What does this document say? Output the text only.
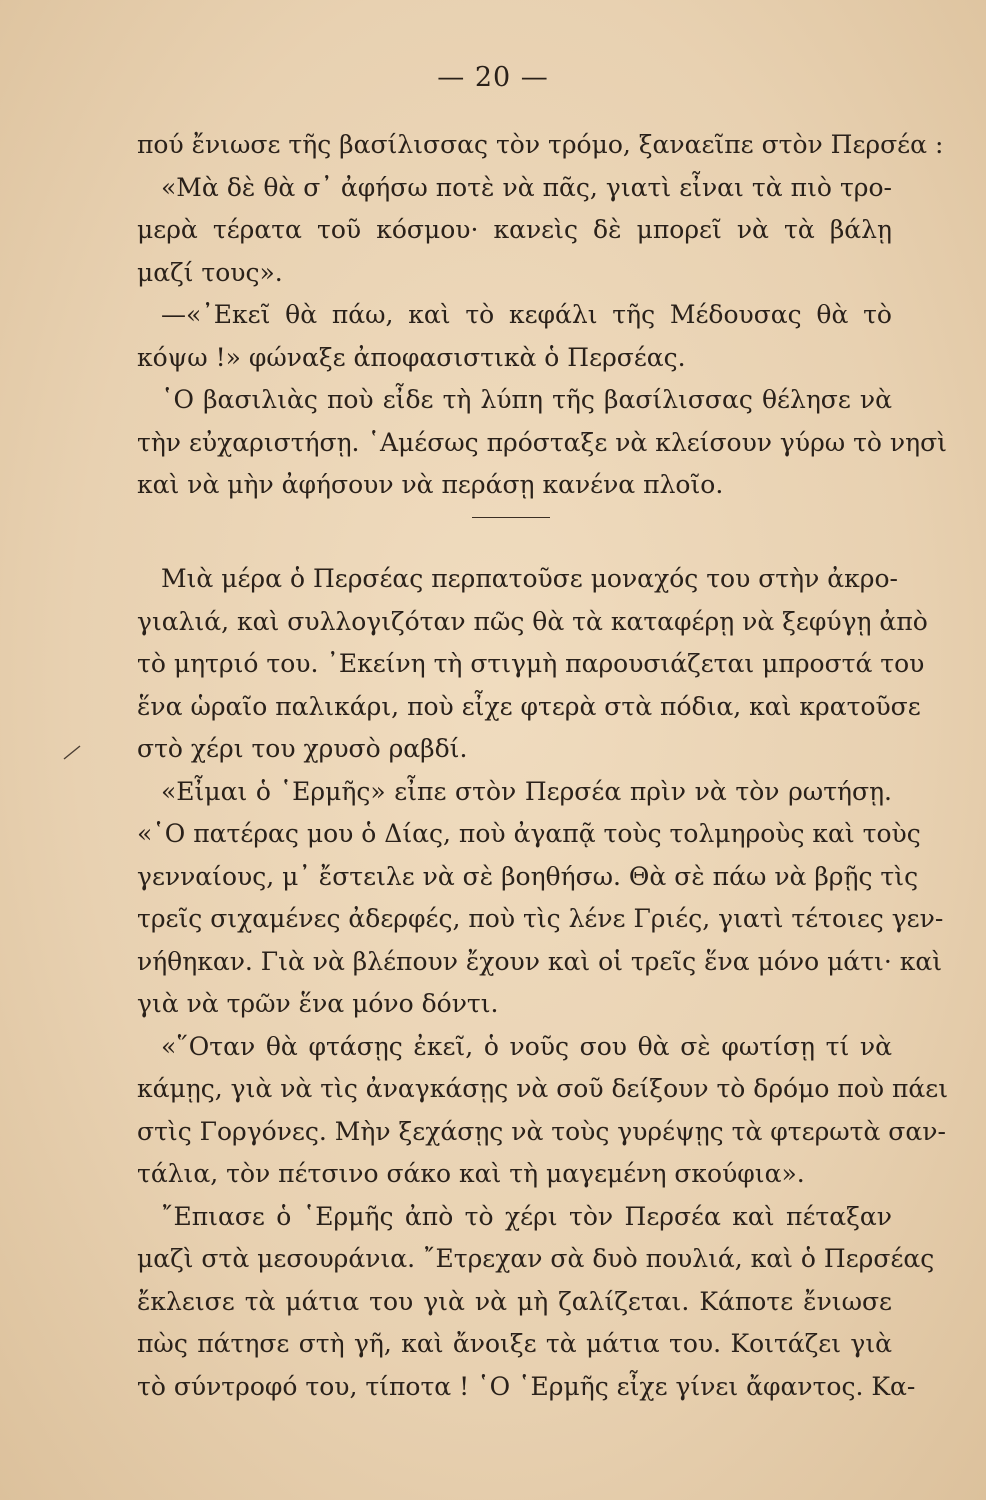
— 20 —
πού ἔνιωσε τῆς βασίλισσας τὸν τρόμο, ξαναεῖπε στὸν Περσέα :
«Μὰ δὲ θὰ σ᾽ ἀφήσω ποτὲ νὰ πᾶς, γιατὶ εἶναι τὰ πιὸ τρο-
μερὰ τέρατα τοῦ κόσμου· κανεὶς δὲ μπορεῖ νὰ τὰ βάλῃ
μαζί τους».
—«᾽Εκεῖ θὰ πάω, καὶ τὸ κεφάλι τῆς Μέδουσας θὰ τὸ
κόψω !» φώναξε ἀποφασιστικὰ ὁ Περσέας.
῾Ο βασιλιὰς ποὺ εἶδε τὴ λύπη τῆς βασίλισσας θέλησε νὰ
τὴν εὐχαριστήσῃ. ῾Αμέσως πρόσταξε νὰ κλείσουν γύρω τὸ νησὶ
καὶ νὰ μὴν ἀφήσουν νὰ περάσῃ κανένα πλοῖο.
Μιὰ μέρα ὁ Περσέας περπατοῦσε μοναχός του στὴν ἀκρο-
γιαλιά, καὶ συλλογιζόταν πῶς θὰ τὰ καταφέρῃ νὰ ξεφύγῃ ἀπὸ
τὸ μητριό του. ᾽Εκείνη τὴ στιγμὴ παρουσιάζεται μπροστά του
ἕνα ὡραῖο παλικάρι, ποὺ εἶχε φτερὰ στὰ πόδια, καὶ κρατοῦσε
στὸ χέρι του χρυσὸ ραβδί.
«Εἶμαι ὁ ῾Ερμῆς» εἶπε στὸν Περσέα πρὶν νὰ τὸν ρωτήσῃ.
«῾Ο πατέρας μου ὁ Δίας, ποὺ ἀγαπᾷ τοὺς τολμηροὺς καὶ τοὺς
γενναίους, μ᾽ ἔστειλε νὰ σὲ βοηθήσω. Θὰ σὲ πάω νὰ βρῇς τὶς
τρεῖς σιχαμένες ἀδερφές, ποὺ τὶς λένε Γριές, γιατὶ τέτοιες γεν-
νήθηκαν. Γιὰ νὰ βλέπουν ἔχουν καὶ οἱ τρεῖς ἕνα μόνο μάτι· καὶ
γιὰ νὰ τρῶν ἕνα μόνο δόντι.
«῞Οταν θὰ φτάσῃς ἐκεῖ, ὁ νοῦς σου θὰ σὲ φωτίσῃ τί νὰ
κάμῃς, γιὰ νὰ τὶς ἀναγκάσῃς νὰ σοῦ δείξουν τὸ δρόμο ποὺ πάει
στὶς Γοργόνες. Μὴν ξεχάσῃς νὰ τοὺς γυρέψῃς τὰ φτερωτὰ σαν-
τάλια, τὸν πέτσινο σάκο καὶ τὴ μαγεμένη σκούφια».
῎Επιασε ὁ ῾Ερμῆς ἀπὸ τὸ χέρι τὸν Περσέα καὶ πέταξαν
μαζὶ στὰ μεσουράνια. ῎Ετρεχαν σὰ δυὸ πουλιά, καὶ ὁ Περσέας
ἔκλεισε τὰ μάτια του γιὰ νὰ μὴ ζαλίζεται. Κάποτε ἔνιωσε
πὼς πάτησε στὴ γῆ, καὶ ἄνοιξε τὰ μάτια του. Κοιτάζει γιὰ
τὸ σύντροφό του, τίποτα ! ῾Ο ῾Ερμῆς εἶχε γίνει ἄφαντος. Κα-
